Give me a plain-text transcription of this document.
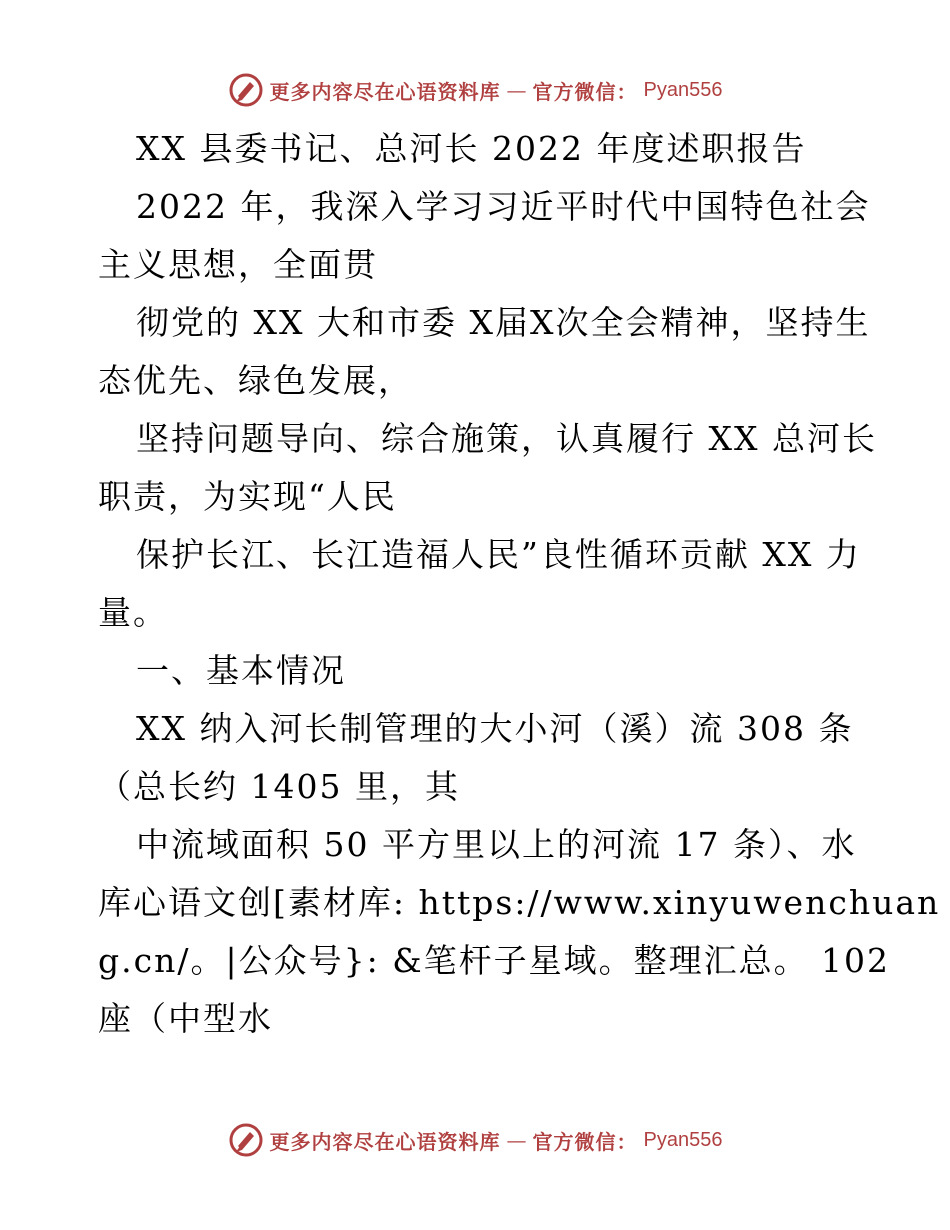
更多内容尽在心语资料库 — 官方微信： Pyan556
XX 县委书记、总河长 2022 年度述职报告
2022 年，我深入学习习近平时代中国特色社会
主义思想，全面贯
彻党的 XX 大和市委 X届X次全会精神，坚持生
态优先、绿色发展，
坚持问题导向、综合施策，认真履行 XX 总河长
职责，为实现“人民
保护长江、长江造福人民”良性循环贡献 XX 力
量。
一、基本情况
XX 纳入河长制管理的大小河（溪）流 308 条
（总长约 1405 里，其
中流域面积 50 平方里以上的河流 17 条）、水
库心语文创[素材库: https://www.xinyuwenchuan
g.cn/。|公众号}: &笔杆子星域。整理汇总。 102
座（中型水
更多内容尽在心语资料库 — 官方微信： Pyan556
